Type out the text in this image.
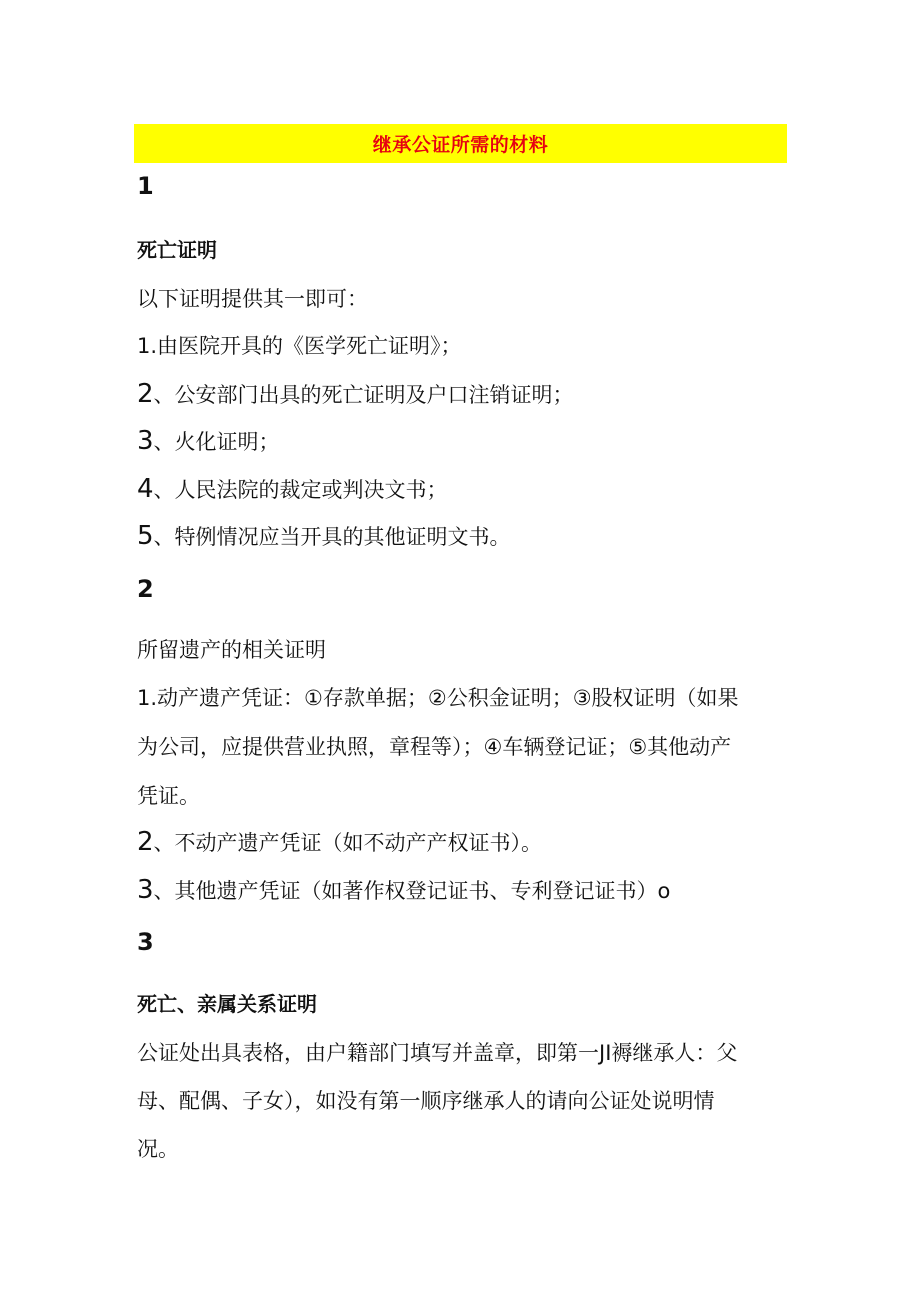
继承公证所需的材料
1
死亡证明
以下证明提供其一即可：
1.由医院开具的《医学死亡证明》；
2、公安部门出具的死亡证明及户口注销证明；
3、火化证明；
4、人民法院的裁定或判决文书；
5、特例情况应当开具的其他证明文书。
2
所留遗产的相关证明
1.动产遗产凭证：①存款单据；②公积金证明；③股权证明（如果
为公司，应提供营业执照，章程等）；④车辆登记证；⑤其他动产
凭证。
2、不动产遗产凭证（如不动产产权证书）。
3、其他遗产凭证（如著作权登记证书、专利登记证书）o
3
死亡、亲属关系证明
公证处出具表格，由户籍部门填写并盖章，即第一JI褥继承人：父
母、配偶、子女），如没有第一顺序继承人的请向公证处说明情
况。
